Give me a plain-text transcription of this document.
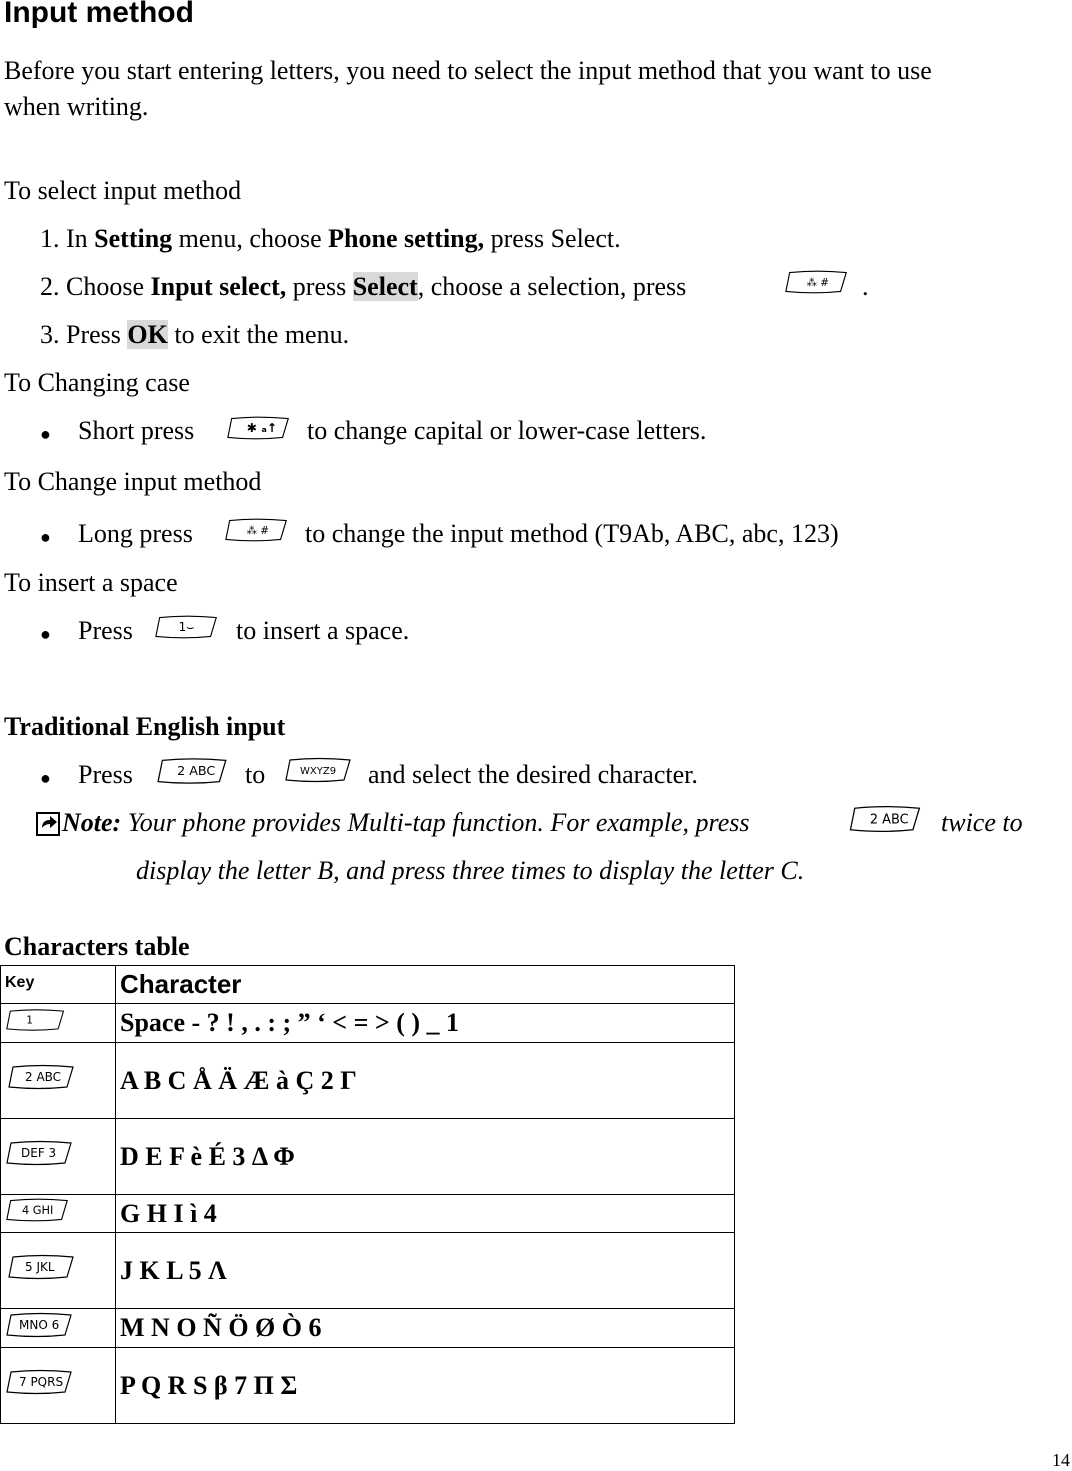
Input method
Before you start entering letters, you need to select the input method that you want to use
when writing.
To select input method
1. In Setting menu, choose Phone setting, press Select.
2. Choose Input select, press Select, choose a selection, press	⁂ # .
3. Press OK to exit the menu.
To Changing case
● Short press	✱ ₐ↑ to change capital or lower-case letters.
To Change input method
● Long press	⁂ # to change the input method (T9Ab, ABC, abc, 123)
To insert a space
● Press	1⌣ to insert a space.
Traditional English input
● Press	2 ABC to	WXYZ9 and select the desired character.
Note: Your phone provides Multi-tap function. For example, press	2 ABC twice to
display the letter B, and press three times to display the letter C.
Characters table
Key	Character

1	Space - ? ! , . : ; ” ‘ < = > ( ) _ 1

2 ABC	A B C Å Ä Æ à Ç 2 Γ

DEF 3	D E F è É 3 Δ Φ

4 GHI	G H I ì 4

5 JKL	J K L 5 Λ

MNO 6	M N O Ñ Ö Ø Ò 6

7 PQRS	P Q R S β 7 Π Σ
14
